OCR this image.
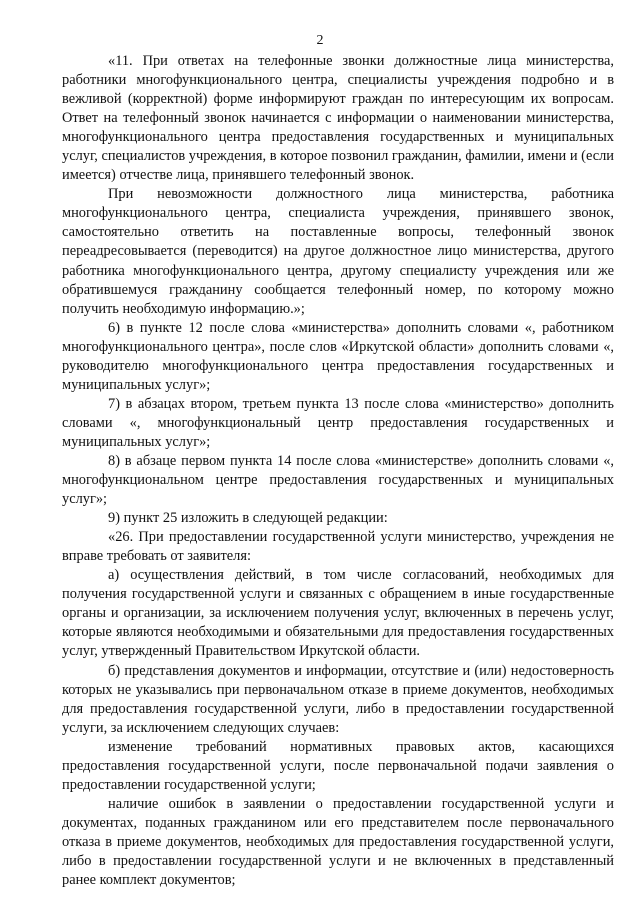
2

«11. При ответах на телефонные звонки должностные лица министерства, работники многофункционального центра, специалисты учреждения подробно и в вежливой (корректной) форме информируют граждан по интересующим их вопросам. Ответ на телефонный звонок начинается с информации о наименовании министерства, многофункционального центра предоставления государственных и муниципальных услуг, специалистов учреждения, в которое позвонил гражданин, фамилии, имени и (если имеется) отчестве лица, принявшего телефонный звонок.

При невозможности должностного лица министерства, работника многофункционального центра, специалиста учреждения, принявшего звонок, самостоятельно ответить на поставленные вопросы, телефонный звонок переадресовывается (переводится) на другое должностное лицо министерства, другого работника многофункционального центра, другому специалисту учреждения или же обратившемуся гражданину сообщается телефонный номер, по которому можно получить необходимую информацию.»;

6) в пункте 12 после слова «министерства» дополнить словами «, работником многофункционального центра», после слов «Иркутской области» дополнить словами «, руководителю многофункционального центра предоставления государственных и муниципальных услуг»;

7) в абзацах втором, третьем пункта 13 после слова «министерство» дополнить словами «, многофункциональный центр предоставления государственных и муниципальных услуг»;

8) в абзаце первом пункта 14 после слова «министерстве» дополнить словами «, многофункциональном центре предоставления государственных и муниципальных услуг»;

9) пункт 25 изложить в следующей редакции:

«26. При предоставлении государственной услуги министерство, учреждения не вправе требовать от заявителя:

а) осуществления действий, в том числе согласований, необходимых для получения государственной услуги и связанных с обращением в иные государственные органы и организации, за исключением получения услуг, включенных в перечень услуг, которые являются необходимыми и обязательными для предоставления государственных услуг, утвержденный Правительством Иркутской области.

б) представления документов и информации, отсутствие и (или) недостоверность которых не указывались при первоначальном отказе в приеме документов, необходимых для предоставления государственной услуги, либо в предоставлении государственной услуги, за исключением следующих случаев:

изменение требований нормативных правовых актов, касающихся предоставления государственной услуги, после первоначальной подачи заявления о предоставлении государственной услуги;

наличие ошибок в заявлении о предоставлении государственной услуги и документах, поданных гражданином или его представителем после первоначального отказа в приеме документов, необходимых для предоставления государственной услуги, либо в предоставлении государственной услуги и не включенных в представленный ранее комплект документов;
